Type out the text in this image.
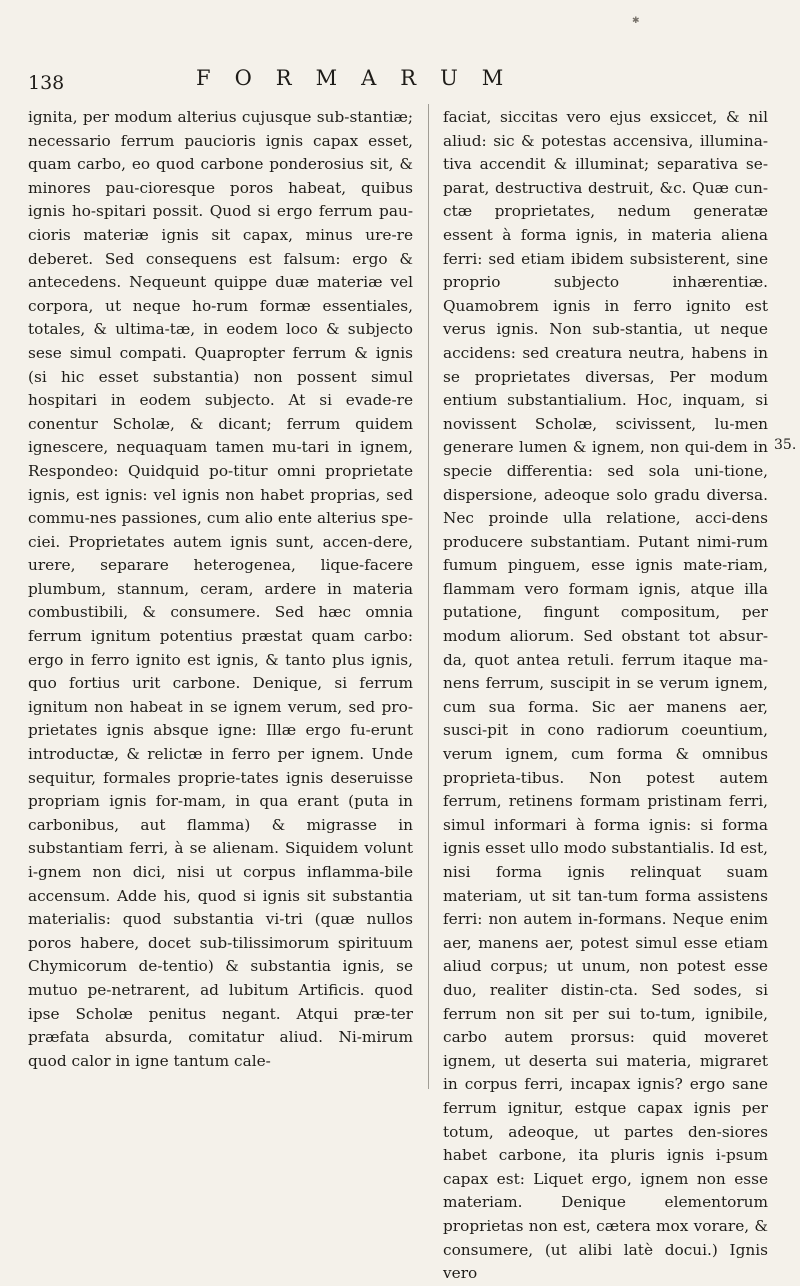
✱
138	FORMARUM

ignita, per modum alterius cujusque sub-stantiæ; necessario ferrum paucioris ignis capax esset, quam carbo, eo quod carbone ponderosius sit, & minores pau-cioresque poros habeat, quibus ignis ho-spitari possit. Quod si ergo ferrum pau-cioris materiæ ignis sit capax, minus ure-re deberet. Sed consequens est falsum: ergo & antecedens. Nequeunt quippe duæ materiæ vel corpora, ut neque ho-rum formæ essentiales, totales, & ultima-tæ, in eodem loco & subjecto sese simul compati. Quapropter ferrum & ignis (si hic esset substantia) non possent simul hospitari in eodem subjecto. At si evade-re conentur Scholæ, & dicant; ferrum quidem ignescere, nequaquam tamen mu-tari in ignem, Respondeo: Quidquid po-titur omni proprietate ignis, est ignis: vel ignis non habet proprias, sed commu-nes passiones, cum alio ente alterius spe-ciei. Proprietates autem ignis sunt, accen-dere, urere, separare heterogenea, lique-facere plumbum, stannum, ceram, ardere in materia combustibili, & consumere. Sed hæc omnia ferrum ignitum potentius præstat quam carbo: ergo in ferro ignito est ignis, & tanto plus ignis, quo fortius urit carbone. Denique, si ferrum ignitum non habeat in se ignem verum, sed pro-prietates ignis absque igne: Illæ ergo fu-erunt introductæ, & relictæ in ferro per ignem. Unde sequitur, formales proprie-tates ignis deseruisse propriam ignis for-mam, in qua erant (puta in carbonibus, aut flamma) & migrasse in substantiam ferri, à se alienam. Siquidem volunt i-gnem non dici, nisi ut corpus inflamma-bile accensum. Adde his, quod si ignis sit substantia materialis: quod substantia vi-tri (quæ nullos poros habere, docet sub-tilissimorum spirituum Chymicorum de-tentio) & substantia ignis, se mutuo pe-netrarent, ad lubitum Artificis. quod ipse Scholæ penitus negant. Atqui præ-ter præfata absurda, comitatur aliud. Ni-mirum quod calor in igne tantum cale-

faciat, siccitas vero ejus exsiccet, & nil aliud: sic & potestas accensiva, illumina-tiva accendit & illuminat; separativa se-parat, destructiva destruit, &c. Quæ cun-ctæ proprietates, nedum generatæ essent à forma ignis, in materia aliena ferri: sed etiam ibidem subsisterent, sine proprio subjecto inhærentiæ. Quamobrem ignis in ferro ignito est verus ignis. Non sub-stantia, ut neque accidens: sed creatura neutra, habens in se proprietates diversas, Per modum entium substantialium. Hoc, inquam, si novissent Scholæ, scivissent, lu-men generare lumen & ignem, non qui-dem in specie differentia: sed sola uni-tione, dispersione, adeoque solo gradu diversa. Nec proinde ulla relatione, acci-dens producere substantiam. Putant nimi-rum fumum pinguem, esse ignis mate-riam, flammam vero formam ignis, atque illa putatione, fingunt compositum, per modum aliorum. Sed obstant tot absur-da, quot antea retuli. ferrum itaque ma-nens ferrum, suscipit in se verum ignem, cum sua forma. Sic aer manens aer, susci-pit in cono radiorum coeuntium, verum ignem, cum forma & omnibus proprieta-tibus. Non potest autem ferrum, retinens formam pristinam ferri, simul informari à forma ignis: si forma ignis esset ullo modo substantialis. Id est, nisi forma ignis relinquat suam materiam, ut sit tan-tum forma assistens ferri: non autem in-formans. Neque enim aer, manens aer, potest simul esse etiam aliud corpus; ut unum, non potest esse duo, realiter distin-cta. Sed sodes, si ferrum non sit per sui to-tum, ignibile, carbo autem prorsus: quid moveret ignem, ut deserta sui materia, migraret in corpus ferri, incapax ignis? ergo sane ferrum ignitur, estque capax ignis per totum, adeoque, ut partes den-siores habet carbone, ita pluris ignis i-psum capax est: Liquet ergo, ignem non esse materiam. Denique elementorum proprietas non est, cætera mox vorare, & consumere, (ut alibi latè docui.) Ignis vero

35.
